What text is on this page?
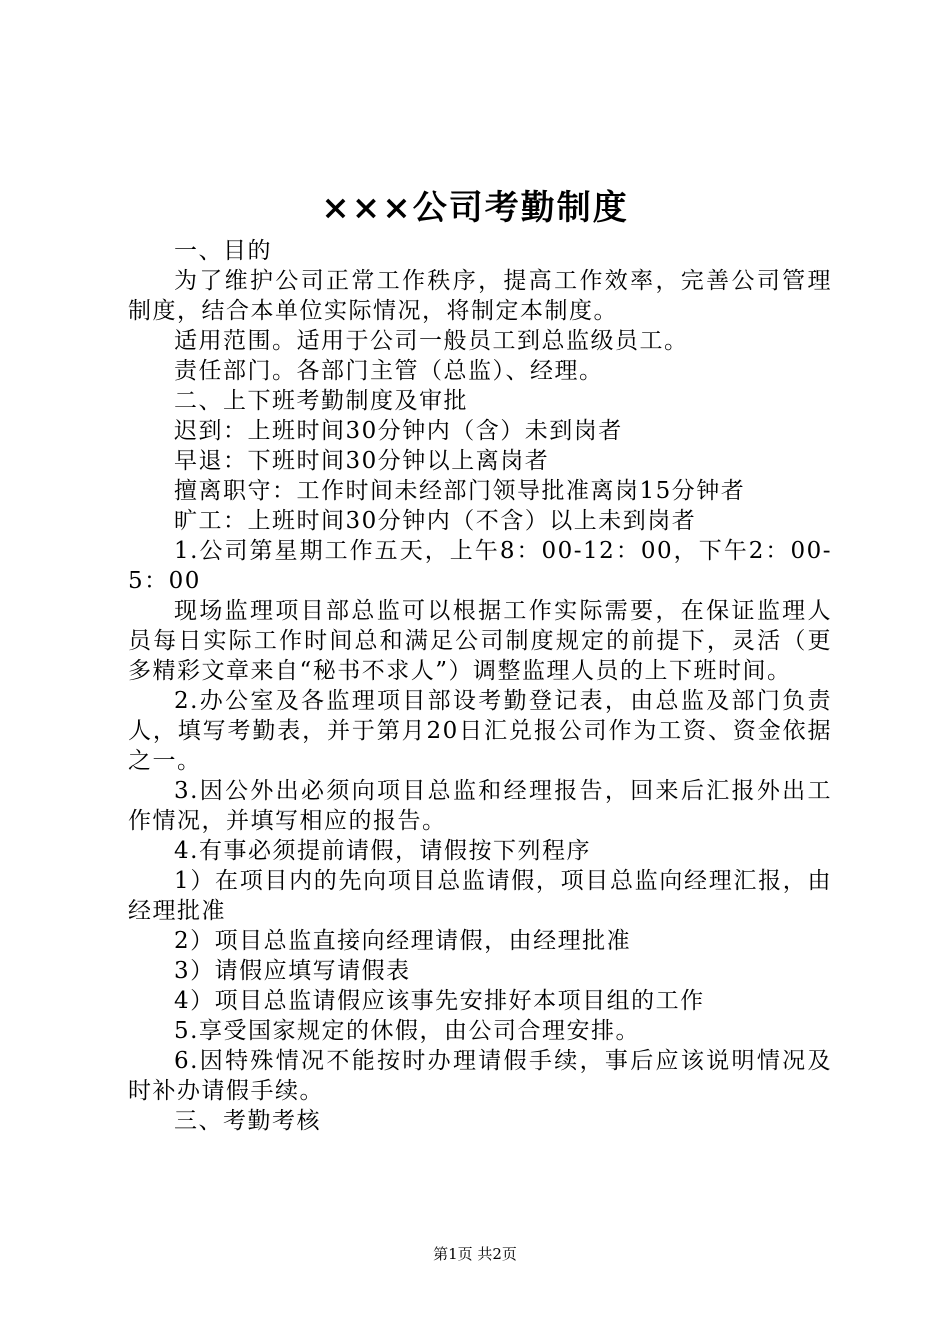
×××公司考勤制度

一、目的

为了维护公司正常工作秩序，提高工作效率，完善公司管理制度，结合本单位实际情况，将制定本制度。

适用范围。适用于公司一般员工到总监级员工。

责任部门。各部门主管（总监）、经理。

二、上下班考勤制度及审批

迟到：上班时间30分钟内（含）未到岗者

早退：下班时间30分钟以上离岗者

擅离职守：工作时间未经部门领导批准离岗15分钟者

旷工：上班时间30分钟内（不含）以上未到岗者

1.公司第星期工作五天，上午8：00-12：00，下午2：00-5：00

现场监理项目部总监可以根据工作实际需要，在保证监理人员每日实际工作时间总和满足公司制度规定的前提下，灵活（更多精彩文章来自“秘书不求人”）调整监理人员的上下班时间。

2.办公室及各监理项目部设考勤登记表，由总监及部门负责人，填写考勤表，并于第月20日汇兑报公司作为工资、资金依据之一。

3.因公外出必须向项目总监和经理报告，回来后汇报外出工作情况，并填写相应的报告。

4.有事必须提前请假，请假按下列程序

1）在项目内的先向项目总监请假，项目总监向经理汇报，由经理批准

2）项目总监直接向经理请假，由经理批准

3）请假应填写请假表

4）项目总监请假应该事先安排好本项目组的工作

5.享受国家规定的休假，由公司合理安排。

6.因特殊情况不能按时办理请假手续，事后应该说明情况及时补办请假手续。

三、考勤考核

第1页 共2页
